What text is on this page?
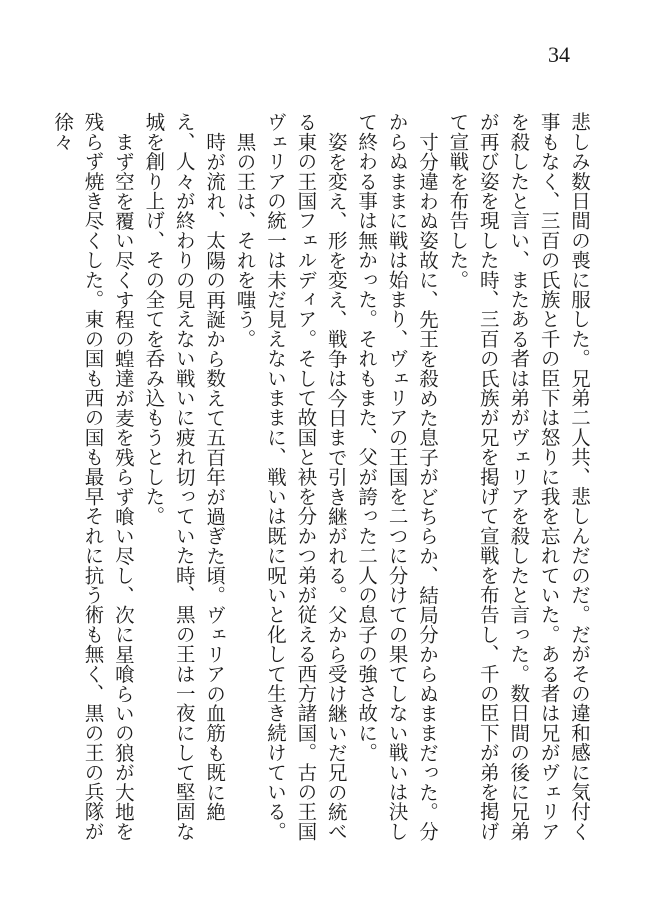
34

悲しみ数日間の喪に服した。兄弟二人共、悲しんだのだ。だがその違和感に気付く事もなく、三百の氏族と千の臣下は怒りに我を忘れていた。ある者は兄がヴェリアを殺したと言い、またある者は弟がヴェリアを殺したと言った。数日間の後に兄弟が再び姿を現した時、三百の氏族が兄を掲げて宣戦を布告し、千の臣下が弟を掲げて宣戦を布告した。

寸分違わぬ姿故に、先王を殺めた息子がどちらか、結局分からぬままだった。分からぬままに戦は始まり、ヴェリアの王国を二つに分けての果てしない戦いは決して終わる事は無かった。それもまた、父が誇った二人の息子の強さ故に。

姿を変え、形を変え、戦争は今日まで引き継がれる。父から受け継いだ兄の統べる東の王国フェルディア。そして故国と袂を分かつ弟が従える西方諸国。古の王国ヴェリアの統一は未だ見えないままに、戦いは既に呪いと化して生き続けている。

黒の王は、それを嗤う。

時が流れ、太陽の再誕から数えて五百年が過ぎた頃。ヴェリアの血筋も既に絶え、人々が終わりの見えない戦いに疲れ切っていた時、黒の王は一夜にして堅固な城を創り上げ、その全てを呑み込もうとした。

まず空を覆い尽くす程の蝗達が麦を残らず喰い尽し、次に星喰らいの狼が大地を残らず焼き尽くした。東の国も西の国も最早それに抗う術も無く、黒の王の兵隊が徐々
